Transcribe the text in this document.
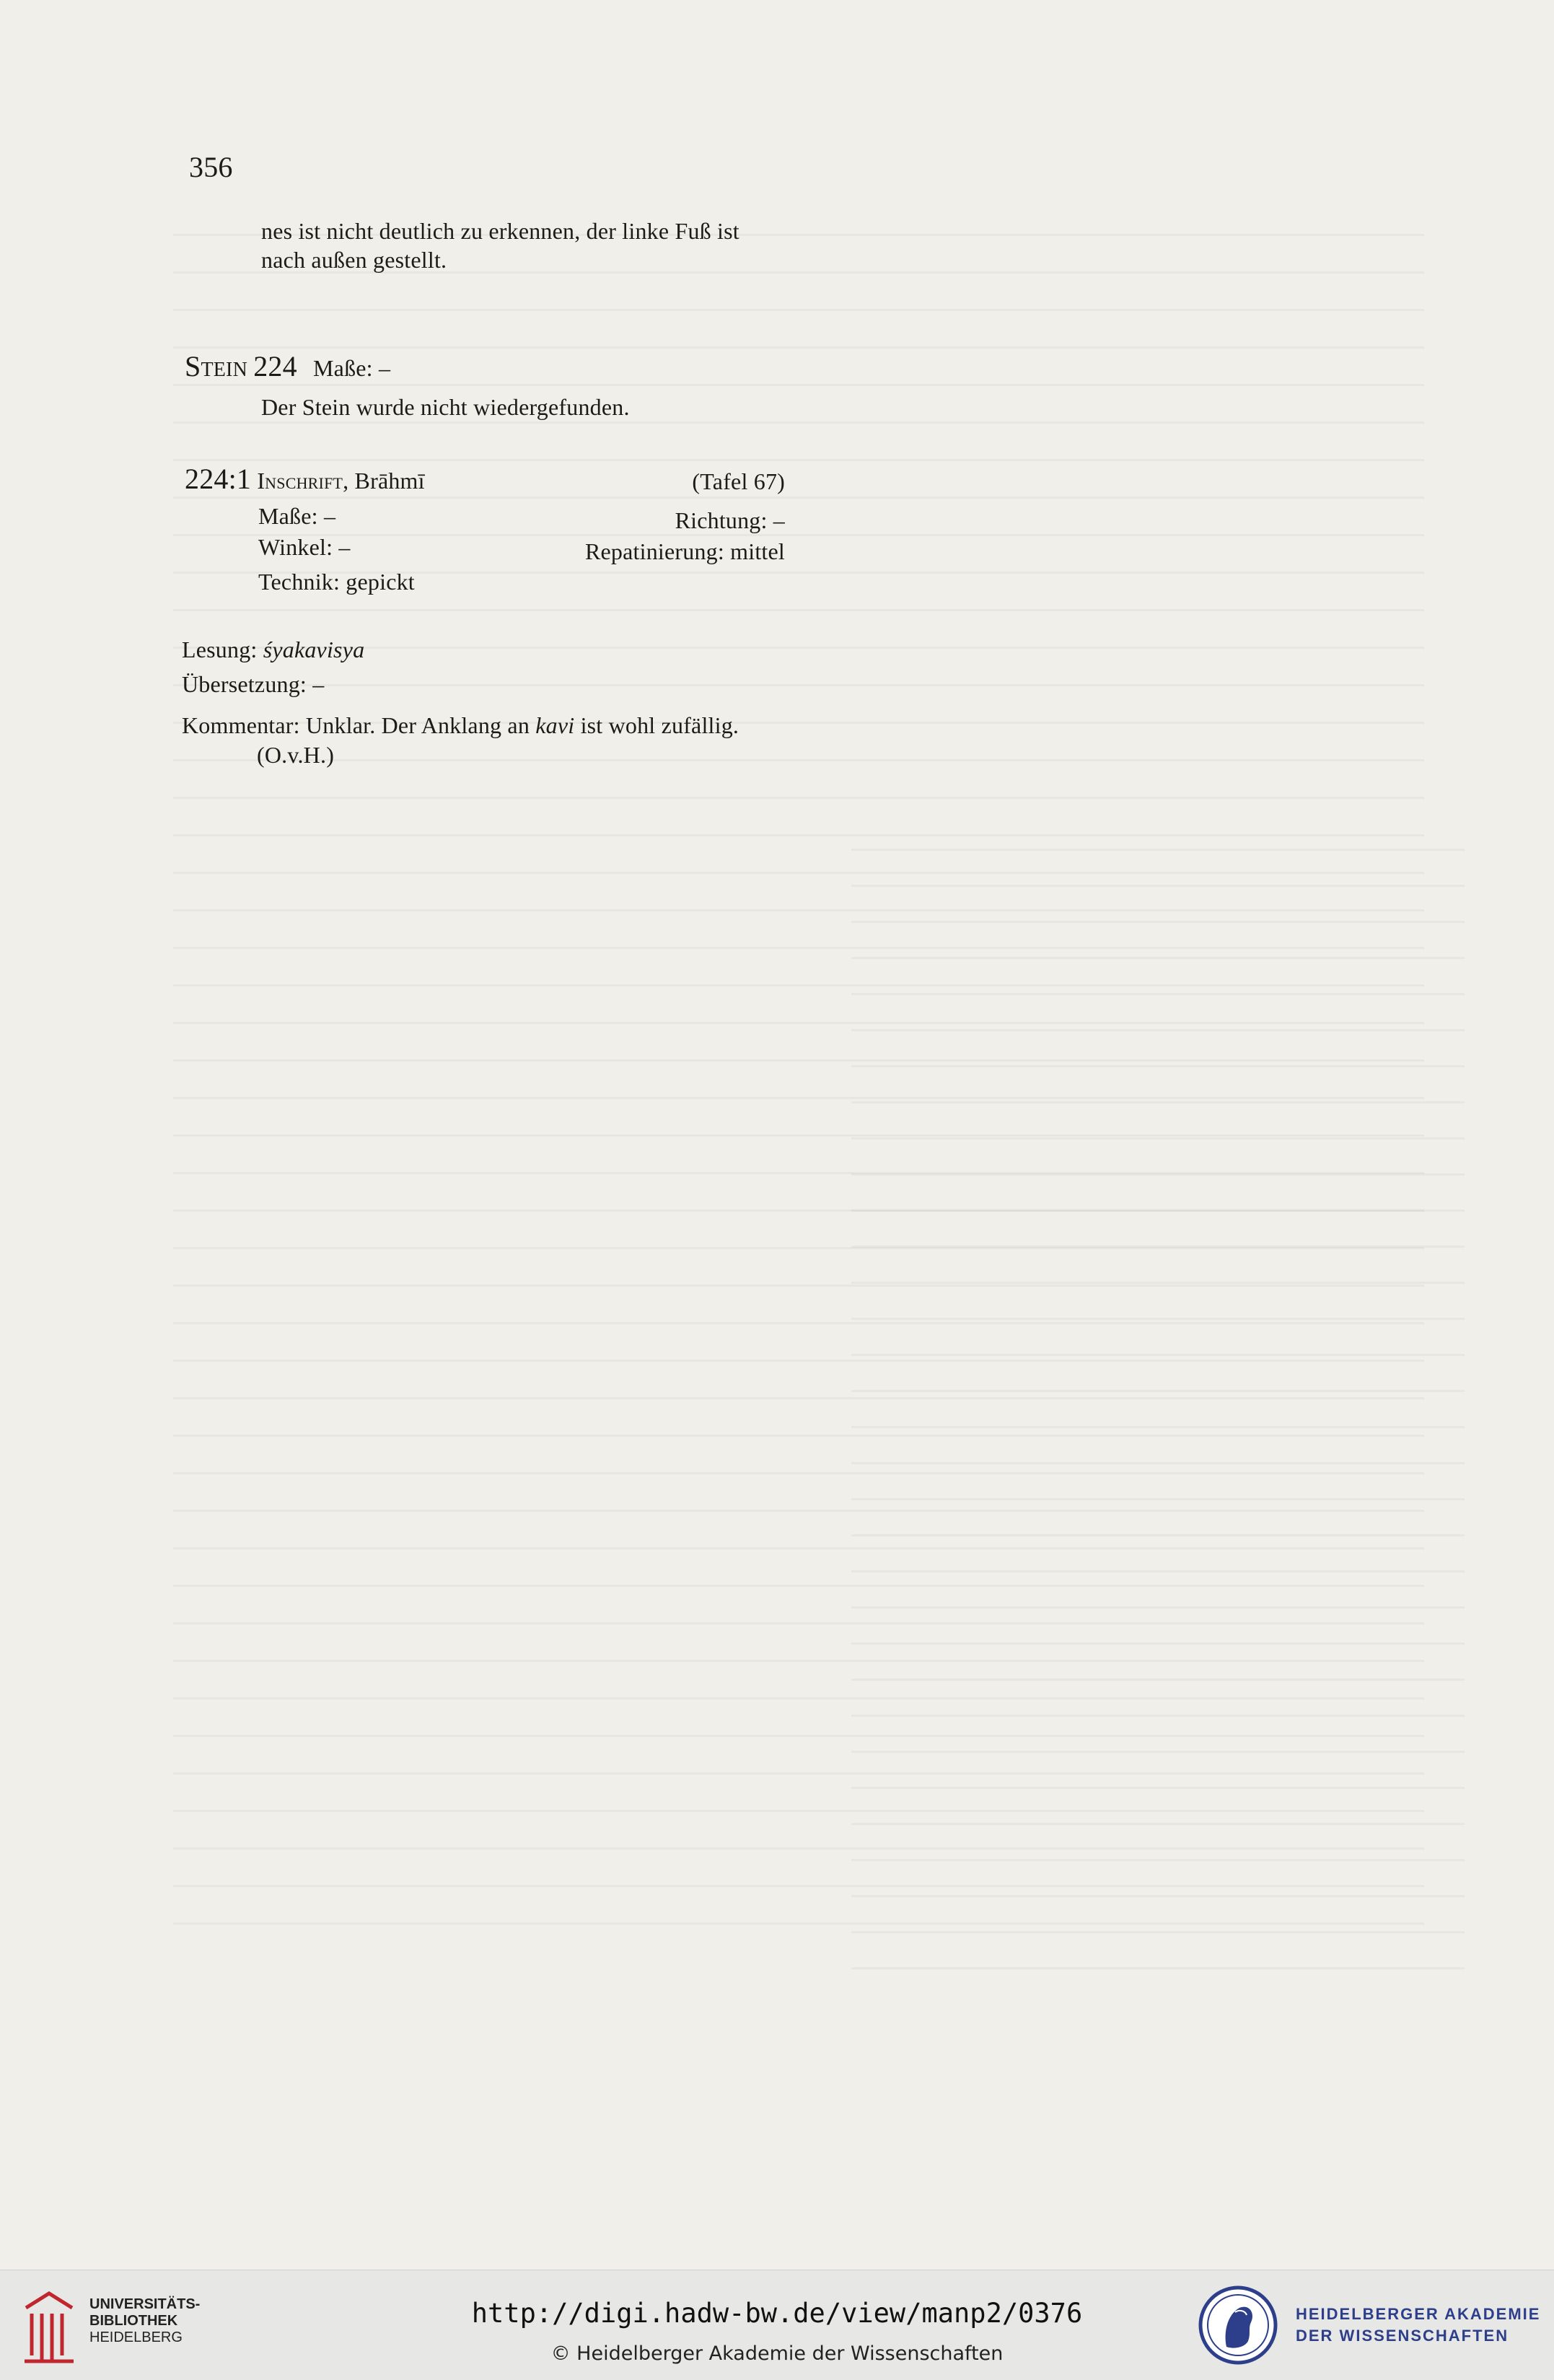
356
nes ist nicht deutlich zu erkennen, der linke Fuß ist
nach außen gestellt.
Stein 224 Maße: –
Der Stein wurde nicht wiedergefunden.
224:1 Inschrift, Brāhmī	(Tafel 67)
Maße: –	Richtung: –
Winkel: –	Repatinierung: mittel
Technik: gepickt
Lesung: śyakavisya
Übersetzung: –
Kommentar: Unklar. Der Anklang an kavi ist wohl zufällig.
(O.v.H.)
UNIVERSITÄTS-
BIBLIOTHEK
HEIDELBERG
http://digi.hadw-bw.de/view/manp2/0376
© Heidelberger Akademie der Wissenschaften
HEIDELBERGER AKADEMIE
DER WISSENSCHAFTEN
